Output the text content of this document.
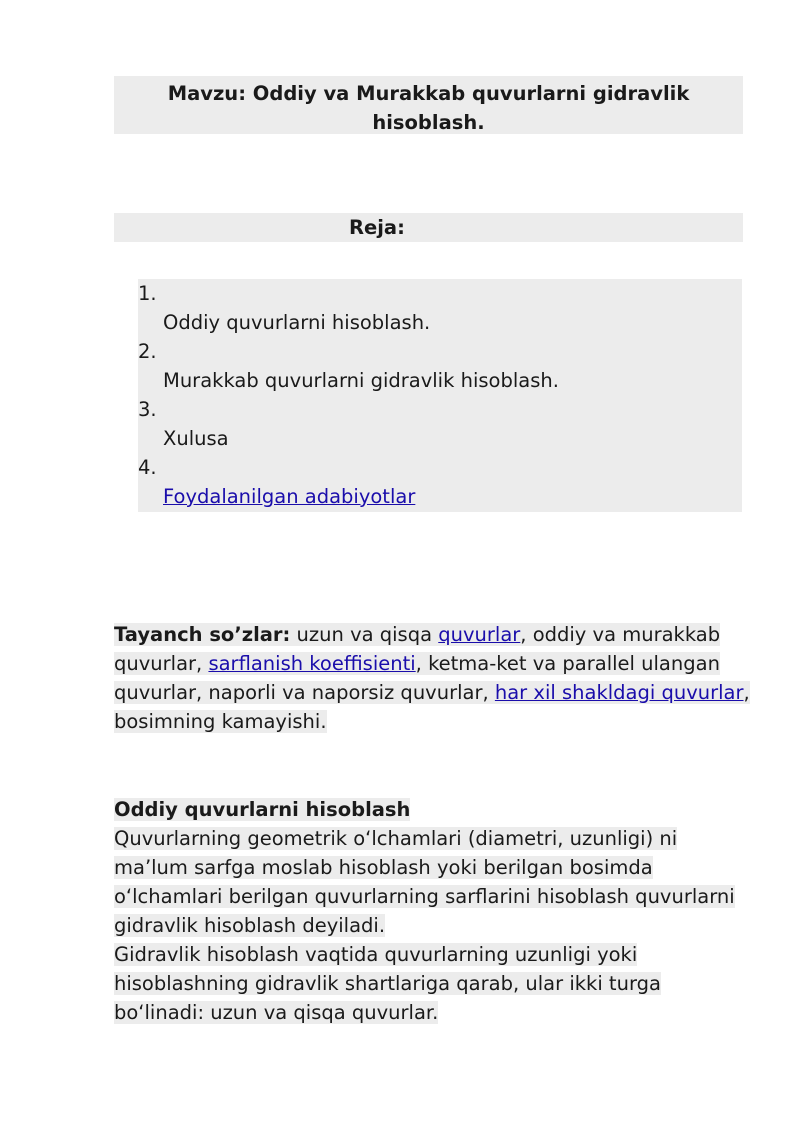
Mavzu: Oddiy va Murakkab quvurlarni gidravlik hisoblash.
Reja:
1.
Oddiy quvurlarni hisoblash.
2.
Murakkab quvurlarni gidravlik hisoblash.
3.
Xulusa
4.
Foydalanilgan adabiyotlar
Tayanch so’zlar: uzun va qisqa quvurlar, oddiy va murakkab quvurlar, sarflanish koeffisienti, ketma-ket va parallel ulangan quvurlar, naporli va naporsiz quvurlar, har xil shakldagi quvurlar, bosimning kamayishi.
Oddiy quvurlarni hisoblash
Quvurlarning geometrik o‘lchamlari (diametri, uzunligi) ni ma’lum sarfga moslab hisoblash yoki berilgan bosimda o‘lchamlari berilgan quvurlarning sarflarini hisoblash quvurlarni gidravlik hisoblash deyiladi.
Gidravlik hisoblash vaqtida quvurlarning uzunligi yoki hisoblashning gidravlik shartlariga qarab, ular ikki turga bo‘linadi: uzun va qisqa quvurlar.
